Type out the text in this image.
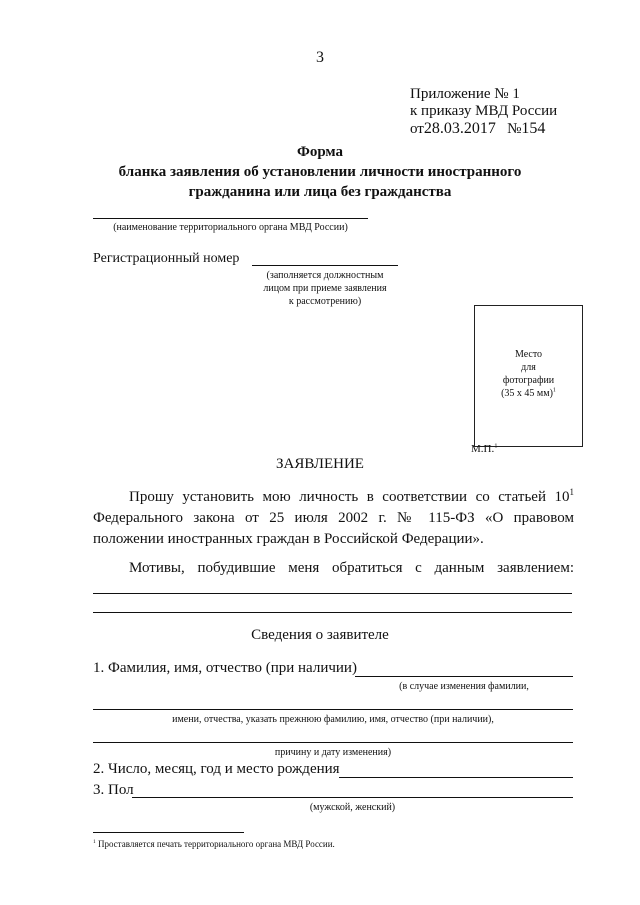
3
Приложение № 1
к приказу МВД России
от28.03.2017 №154
Форма
бланка заявления об установлении личности иностранного
гражданина или лица без гражданства
(наименование территориального органа МВД России)
Регистрационный номер
(заполняется должностным
лицом при приеме заявления
к рассмотрению)
Место
для
фотографии
(35 x 45 мм)$^1$
М.П.$^1$
ЗАЯВЛЕНИЕ
Прошу установить мою личность в соответствии со статьей $10^1$
Федерального закона от 25 июля 2002 г. № 115-ФЗ «О правовом
положении иностранных граждан в Российской Федерации».
Мотивы, побудившие меня обратиться с данным заявлением:
Сведения о заявителе
1. Фамилия, имя, отчество (при наличии)
(в случае изменения фамилии,
имени, отчества, указать прежнюю фамилию, имя, отчество (при наличии),
причину и дату изменения)
2. Число, месяц, год и место рождения
3. Пол
(мужской, женский)
$^1$ Проставляется печать территориального органа МВД России.
